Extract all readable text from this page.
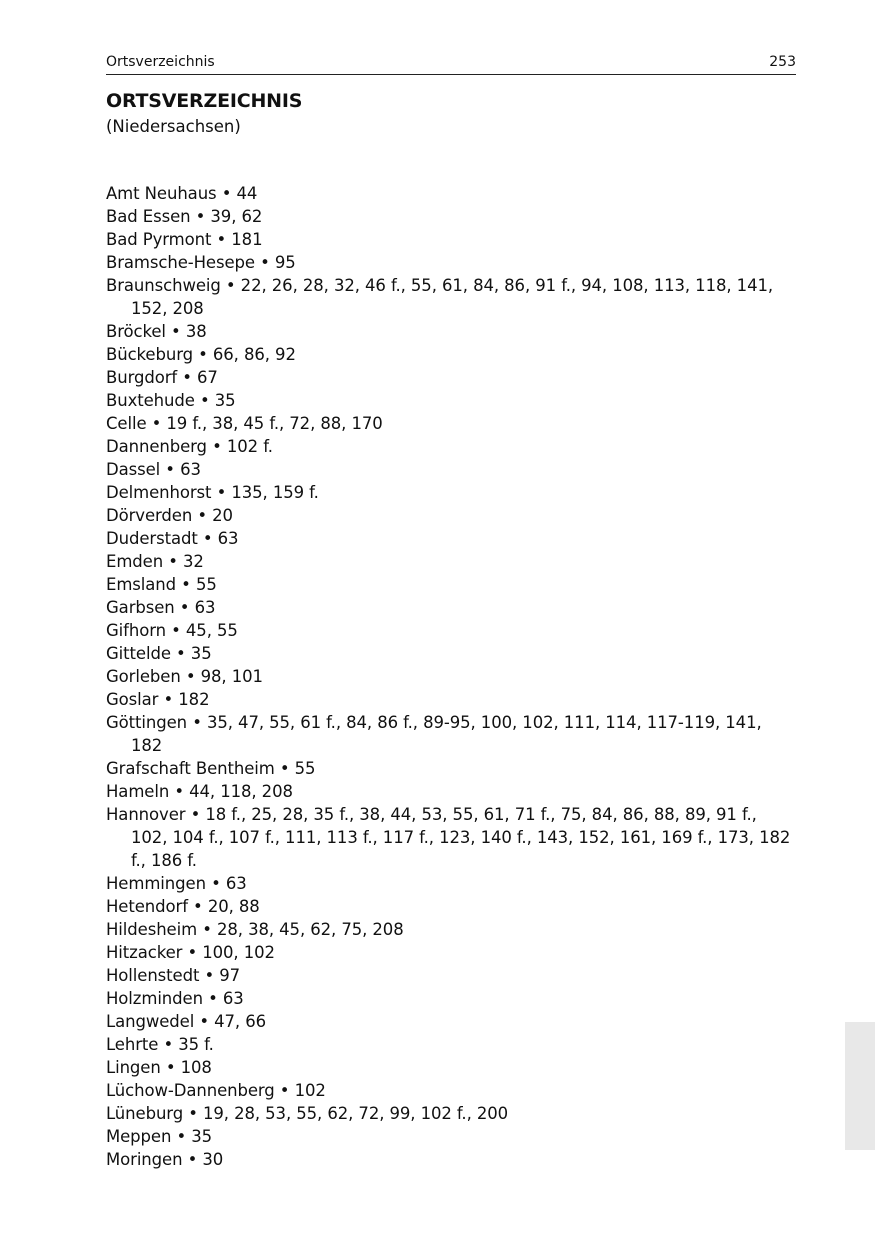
Ortsverzeichnis	253
ORTSVERZEICHNIS
(Niedersachsen)
Amt Neuhaus • 44
Bad Essen • 39, 62
Bad Pyrmont • 181
Bramsche-Hesepe • 95
Braunschweig • 22, 26, 28, 32, 46 f., 55, 61, 84, 86, 91 f., 94, 108, 113, 118, 141, 152, 208
Bröckel • 38
Bückeburg • 66, 86, 92
Burgdorf • 67
Buxtehude • 35
Celle • 19 f., 38, 45 f., 72, 88, 170
Dannenberg • 102 f.
Dassel • 63
Delmenhorst • 135, 159 f.
Dörverden • 20
Duderstadt • 63
Emden • 32
Emsland • 55
Garbsen • 63
Gifhorn • 45, 55
Gittelde • 35
Gorleben • 98, 101
Goslar • 182
Göttingen • 35, 47, 55, 61 f., 84, 86 f., 89-95, 100, 102, 111, 114, 117-119, 141, 182
Grafschaft Bentheim • 55
Hameln • 44, 118, 208
Hannover • 18 f., 25, 28, 35 f., 38, 44, 53, 55, 61, 71 f., 75, 84, 86, 88, 89, 91 f., 102, 104 f., 107 f., 111, 113 f., 117 f., 123, 140 f., 143, 152, 161, 169 f., 173, 182 f., 186 f.
Hemmingen • 63
Hetendorf • 20, 88
Hildesheim • 28, 38, 45, 62, 75, 208
Hitzacker • 100, 102
Hollenstedt • 97
Holzminden • 63
Langwedel • 47, 66
Lehrte • 35 f.
Lingen • 108
Lüchow-Dannenberg • 102
Lüneburg • 19, 28, 53, 55, 62, 72, 99, 102 f., 200
Meppen • 35
Moringen • 30
